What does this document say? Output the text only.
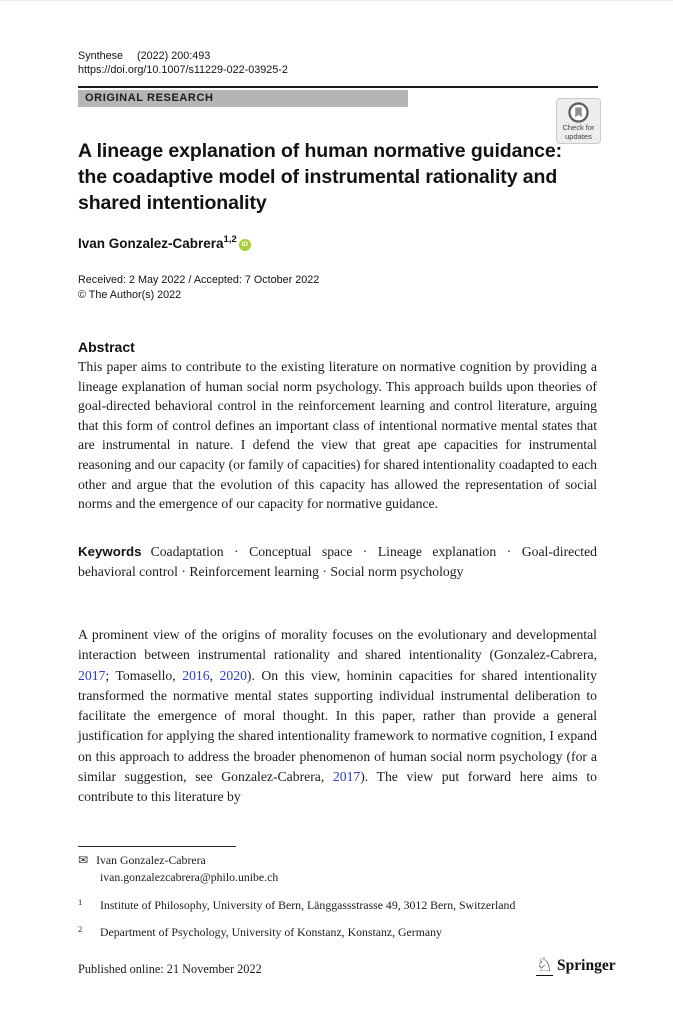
Synthese (2022) 200:493
https://doi.org/10.1007/s11229-022-03925-2
ORIGINAL RESEARCH
Check for
updates
A lineage explanation of human normative guidance: the coadaptive model of instrumental rationality and shared intentionality
Ivan Gonzalez-Cabrera$^{1,2}$ iD
Received: 2 May 2022 / Accepted: 7 October 2022
© The Author(s) 2022
Abstract
This paper aims to contribute to the existing literature on normative cognition by providing a lineage explanation of human social norm psychology. This approach builds upon theories of goal-directed behavioral control in the reinforcement learning and control literature, arguing that this form of control defines an important class of intentional normative mental states that are instrumental in nature. I defend the view that great ape capacities for instrumental reasoning and our capacity (or family of capacities) for shared intentionality coadapted to each other and argue that the evolution of this capacity has allowed the representation of social norms and the emergence of our capacity for normative guidance.
Keywords Coadaptation · Conceptual space · Lineage explanation · Goal-directed behavioral control · Reinforcement learning · Social norm psychology
A prominent view of the origins of morality focuses on the evolutionary and developmental interaction between instrumental rationality and shared intentionality (Gonzalez-Cabrera, 2017; Tomasello, 2016, 2020). On this view, hominin capacities for shared intentionality transformed the normative mental states supporting individual instrumental deliberation to facilitate the emergence of moral thought. In this paper, rather than provide a general justification for applying the shared intentionality framework to normative cognition, I expand on this approach to address the broader phenomenon of human social norm psychology (for a similar suggestion, see Gonzalez-Cabrera, 2017). The view put forward here aims to contribute to this literature by
✉ Ivan Gonzalez-Cabrera
ivan.gonzalezcabrera@philo.unibe.ch
1 Institute of Philosophy, University of Bern, Länggassstrasse 49, 3012 Bern, Switzerland
2 Department of Psychology, University of Konstanz, Konstanz, Germany
Published online: 21 November 2022	♘ Springer
